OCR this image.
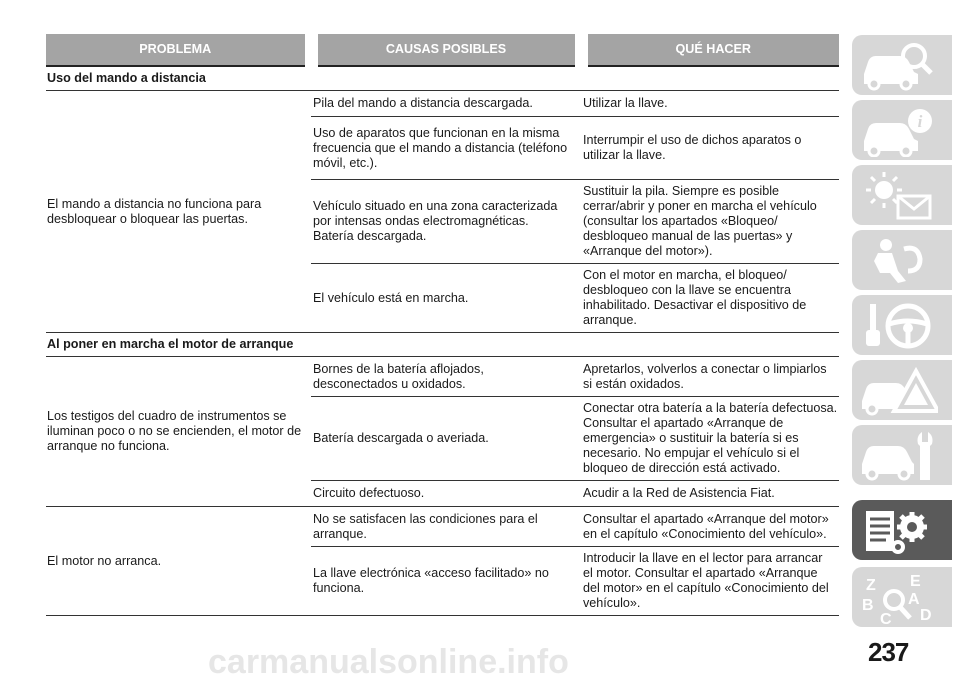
PROBLEMA	CAUSAS POSIBLES	QUÉ HACER
Uso del mando a distancia		
El mando a distancia no funciona para desbloquear o bloquear las puertas.	Pila del mando a distancia descargada.	Utilizar la llave.
	Uso de aparatos que funcionan en la misma frecuencia que el mando a distancia (teléfono móvil, etc.).	Interrumpir el uso de dichos aparatos o utilizar la llave.
	Vehículo situado en una zona caracterizada por intensas ondas electromagnéticas. Batería descargada.	Sustituir la pila. Siempre es posible cerrar/abrir y poner en marcha el vehículo (consultar los apartados «Bloqueo/ desbloqueo manual de las puertas» y «Arranque del motor»).
	El vehículo está en marcha.	Con el motor en marcha, el bloqueo/ desbloqueo con la llave se encuentra inhabilitado. Desactivar el dispositivo de arranque.
Al poner en marcha el motor de arranque		
Los testigos del cuadro de instrumentos se iluminan poco o no se encienden, el motor de arranque no funciona.	Bornes de la batería aflojados, desconectados u oxidados.	Apretarlos, volverlos a conectar o limpiarlos si están oxidados.
	Batería descargada o averiada.	Conectar otra batería a la batería defectuosa. Consultar el apartado «Arranque de emergencia» o sustituir la batería si es necesario. No empujar el vehículo si el bloqueo de dirección está activado.
	Circuito defectuoso.	Acudir a la Red de Asistencia Fiat.
El motor no arranca.	No se satisfacen las condiciones para el arranque.	Consultar el apartado «Arranque del motor» en el capítulo «Conocimiento del vehículo».
	La llave electrónica «acceso facilitado» no funciona.	Introducir la llave en el lector para arrancar el motor. Consultar el apartado «Arranque del motor» en el capítulo «Conocimiento del vehículo».
i
Z E
A
B
C D
carmanualsonline.info	237
